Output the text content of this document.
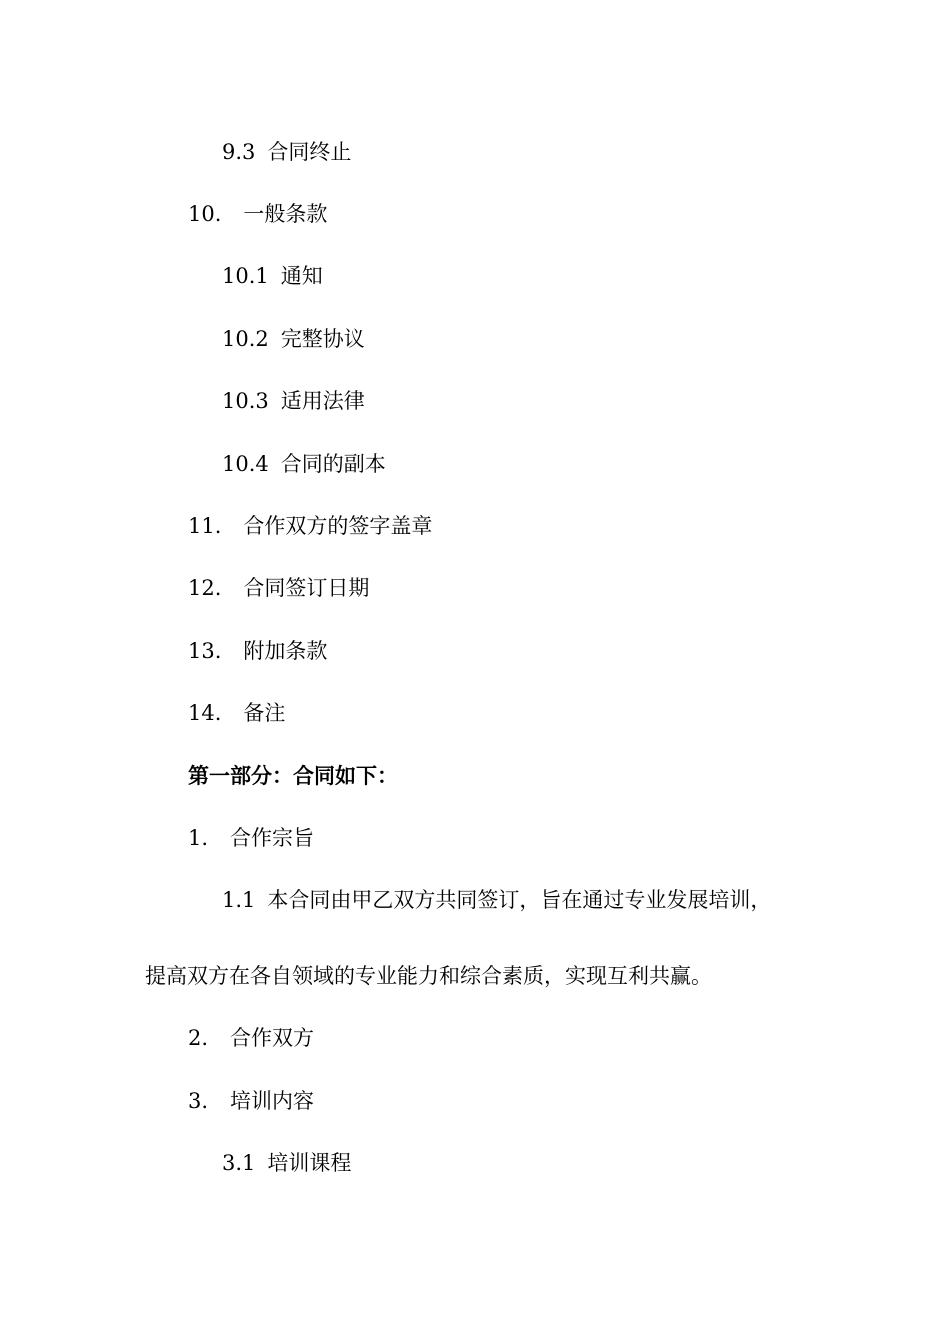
9.3 合同终止
10. 一般条款
10.1 通知
10.2 完整协议
10.3 适用法律
10.4 合同的副本
11. 合作双方的签字盖章
12. 合同签订日期
13. 附加条款
14. 备注
第一部分：合同如下：
1. 合作宗旨
1.1 本合同由甲乙双方共同签订，旨在通过专业发展培训，
提高双方在各自领域的专业能力和综合素质，实现互利共赢。
2. 合作双方
3. 培训内容
3.1 培训课程
